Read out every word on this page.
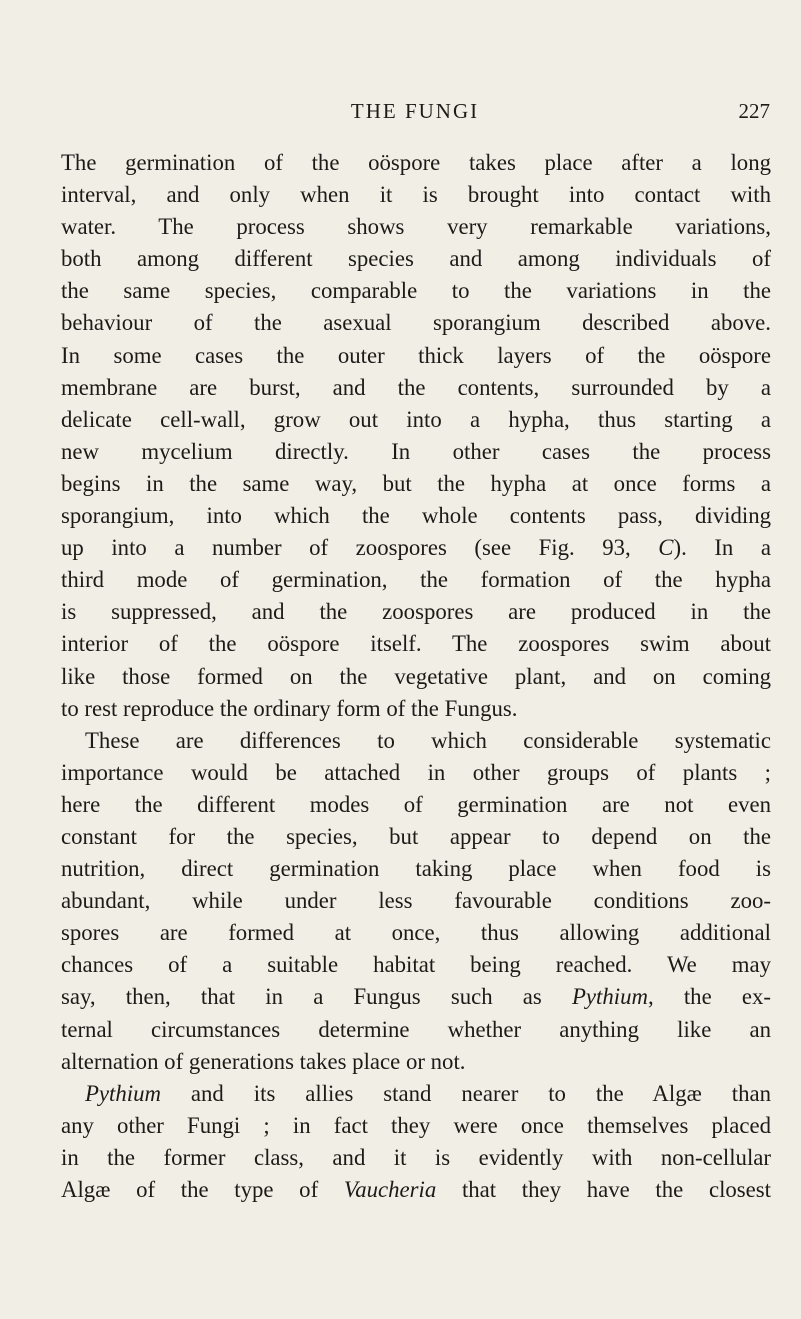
THE FUNGI	227
The germination of the oöspore takes place after a long
interval, and only when it is brought into contact with
water. The process shows very remarkable variations,
both among different species and among individuals of
the same species, comparable to the variations in the
behaviour of the asexual sporangium described above.
In some cases the outer thick layers of the oöspore
membrane are burst, and the contents, surrounded by a
delicate cell-wall, grow out into a hypha, thus starting a
new mycelium directly. In other cases the process
begins in the same way, but the hypha at once forms a
sporangium, into which the whole contents pass, dividing
up into a number of zoospores (see Fig. 93, C). In a
third mode of germination, the formation of the hypha
is suppressed, and the zoospores are produced in the
interior of the oöspore itself. The zoospores swim about
like those formed on the vegetative plant, and on coming
to rest reproduce the ordinary form of the Fungus.
These are differences to which considerable systematic
importance would be attached in other groups of plants ;
here the different modes of germination are not even
constant for the species, but appear to depend on the
nutrition, direct germination taking place when food is
abundant, while under less favourable conditions zoo-
spores are formed at once, thus allowing additional
chances of a suitable habitat being reached. We may
say, then, that in a Fungus such as Pythium, the ex-
ternal circumstances determine whether anything like an
alternation of generations takes place or not.
Pythium and its allies stand nearer to the Algæ than
any other Fungi ; in fact they were once themselves placed
in the former class, and it is evidently with non-cellular
Algæ of the type of Vaucheria that they have the closest
